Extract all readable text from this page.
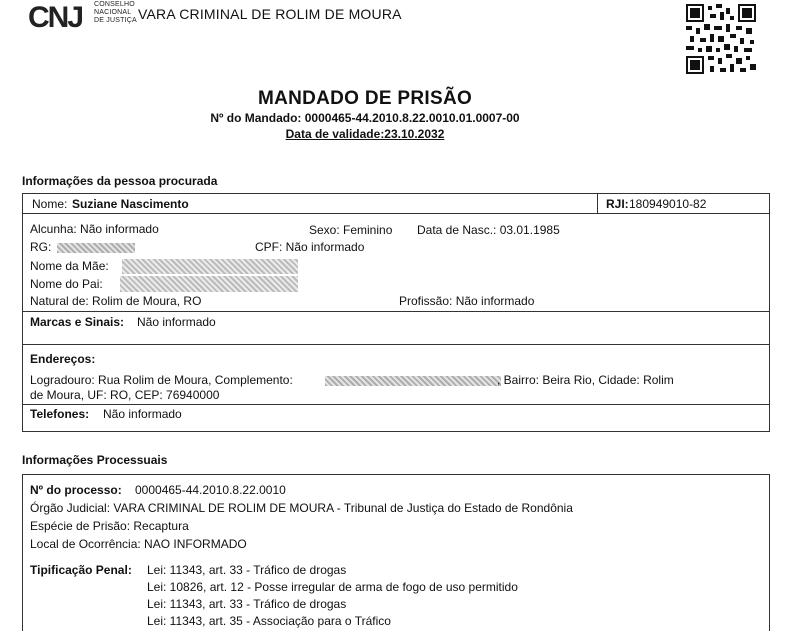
CNJ CONSELHO
NACIONAL
DE JUSTIÇA VARA CRIMINAL DE ROLIM DE MOURA
MANDADO DE PRISÃO
Nº do Mandado: 0000465-44.2010.8.22.0010.01.0007-00
Data de validade:23.10.2032
Informações da pessoa procurada
Nome: Suziane Nascimento	RJI: 180949010-82
Alcunha: Não informado	Sexo: Feminino Data de Nasc.: 03.01.1985
RG:	CPF: Não informado
Nome da Mãe:
Nome do Pai:
Natural de: Rolim de Moura, RO	Profissão: Não informado
Marcas e Sinais: Não informado
Endereços:
Logradouro: Rua Rolim de Moura, Complemento:	, Bairro: Beira Rio, Cidade: Rolim
de Moura, UF: RO, CEP: 76940000
Telefones: Não informado
Informações Processuais
Nº do processo: 0000465-44.2010.8.22.0010
Órgão Judicial: VARA CRIMINAL DE ROLIM DE MOURA - Tribunal de Justiça do Estado de Rondônia
Espécie de Prisão: Recaptura
Local de Ocorrência: NAO INFORMADO
Tipificação Penal: Lei: 11343, art. 33 - Tráfico de drogas
Lei: 10826, art. 12 - Posse irregular de arma de fogo de uso permitido
Lei: 11343, art. 33 - Tráfico de drogas
Lei: 11343, art. 35 - Associação para o Tráfico
